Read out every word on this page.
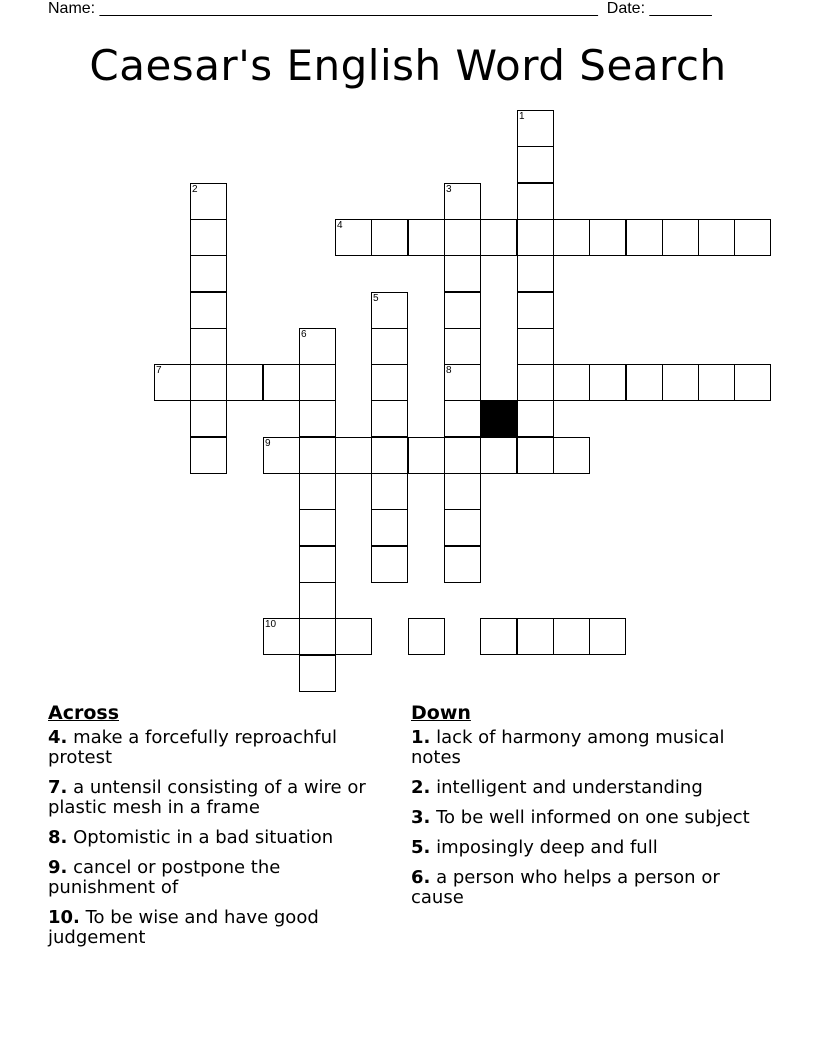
Name: ________________________________________________________ Date: _______
Caesar's English Word Search
1
2	3
8
4
5
6
7
9
10
Across
4. make a forcefully reproachful protest
7. a untensil consisting of a wire or plastic mesh in a frame
8. Optomistic in a bad situation
9. cancel or postpone the punishment of
10. To be wise and have good judgement
Down
1. lack of harmony among musical notes
2. intelligent and understanding
3. To be well informed on one subject
5. imposingly deep and full
6. a person who helps a person or cause
